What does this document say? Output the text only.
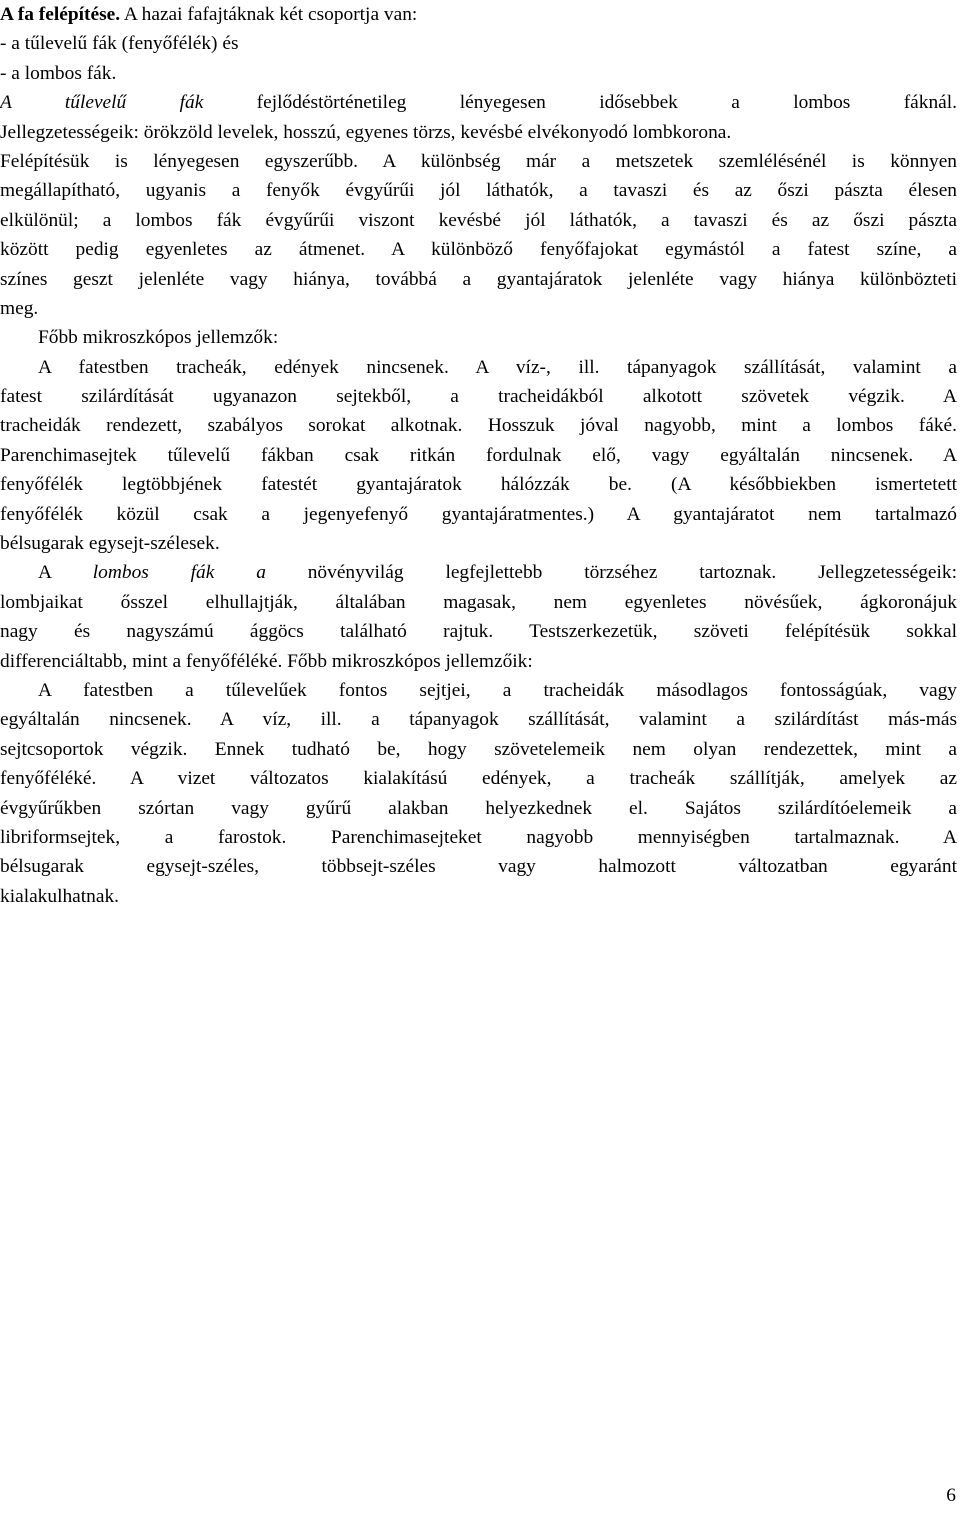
A fa felépítése. A hazai fafajtáknak két csoportja van:
- a tűlevelű fák (fenyőfélék) és
- a lombos fák.
A tűlevelű fák fejlődéstörténetileg lényegesen idősebbek a lombos fáknál.
Jellegzetességeik: örökzöld levelek, hosszú, egyenes törzs, kevésbé elvékonyodó lombkorona.
Felépítésük is lényegesen egyszerűbb. A különbség már a metszetek szemlélésénél is könnyen
megállapítható, ugyanis a fenyők évgyűrűi jól láthatók, a tavaszi és az őszi pászta élesen
elkülönül; a lombos fák évgyűrűi viszont kevésbé jól láthatók, a tavaszi és az őszi pászta
között pedig egyenletes az átmenet. A különböző fenyőfajokat egymástól a fatest színe, a
színes geszt jelenléte vagy hiánya, továbbá a gyantajáratok jelenléte vagy hiánya különbözteti
meg.
Főbb mikroszkópos jellemzők:
A fatestben tracheák, edények nincsenek. A víz-, ill. tápanyagok szállítását, valamint a
fatest szilárdítását ugyanazon sejtekből, a tracheidákból alkotott szövetek végzik. A
tracheidák rendezett, szabályos sorokat alkotnak. Hosszuk jóval nagyobb, mint a lombos fáké.
Parenchimasejtek tűlevelű fákban csak ritkán fordulnak elő, vagy egyáltalán nincsenek. A
fenyőfélék legtöbbjének fatestét gyantajáratok hálózzák be. (A későbbiekben ismertetett
fenyőfélék közül csak a jegenyefenyő gyantajáratmentes.) A gyantajáratot nem tartalmazó
bélsugarak egysejt-szélesek.
A lombos fák a növényvilág legfejlettebb törzséhez tartoznak. Jellegzetességeik:
lombjaikat ősszel elhullajtják, általában magasak, nem egyenletes növésűek, ágkoronájuk
nagy és nagyszámú ággöcs található rajtuk. Testszerkezetük, szöveti felépítésük sokkal
differenciáltabb, mint a fenyőféléké. Főbb mikroszkópos jellemzőik:
A fatestben a tűlevelűek fontos sejtjei, a tracheidák másodlagos fontosságúak, vagy
egyáltalán nincsenek. A víz, ill. a tápanyagok szállítását, valamint a szilárdítást más-más
sejtcsoportok végzik. Ennek tudható be, hogy szövetelemeik nem olyan rendezettek, mint a
fenyőféléké. A vizet változatos kialakítású edények, a tracheák szállítják, amelyek az
évgyűrűkben szórtan vagy gyűrű alakban helyezkednek el. Sajátos szilárdítóelemeik a
libriformsejtek, a farostok. Parenchimasejteket nagyobb mennyiségben tartalmaznak. A
bélsugarak egysejt-széles, többsejt-széles vagy halmozott változatban egyaránt
kialakulhatnak.
6
